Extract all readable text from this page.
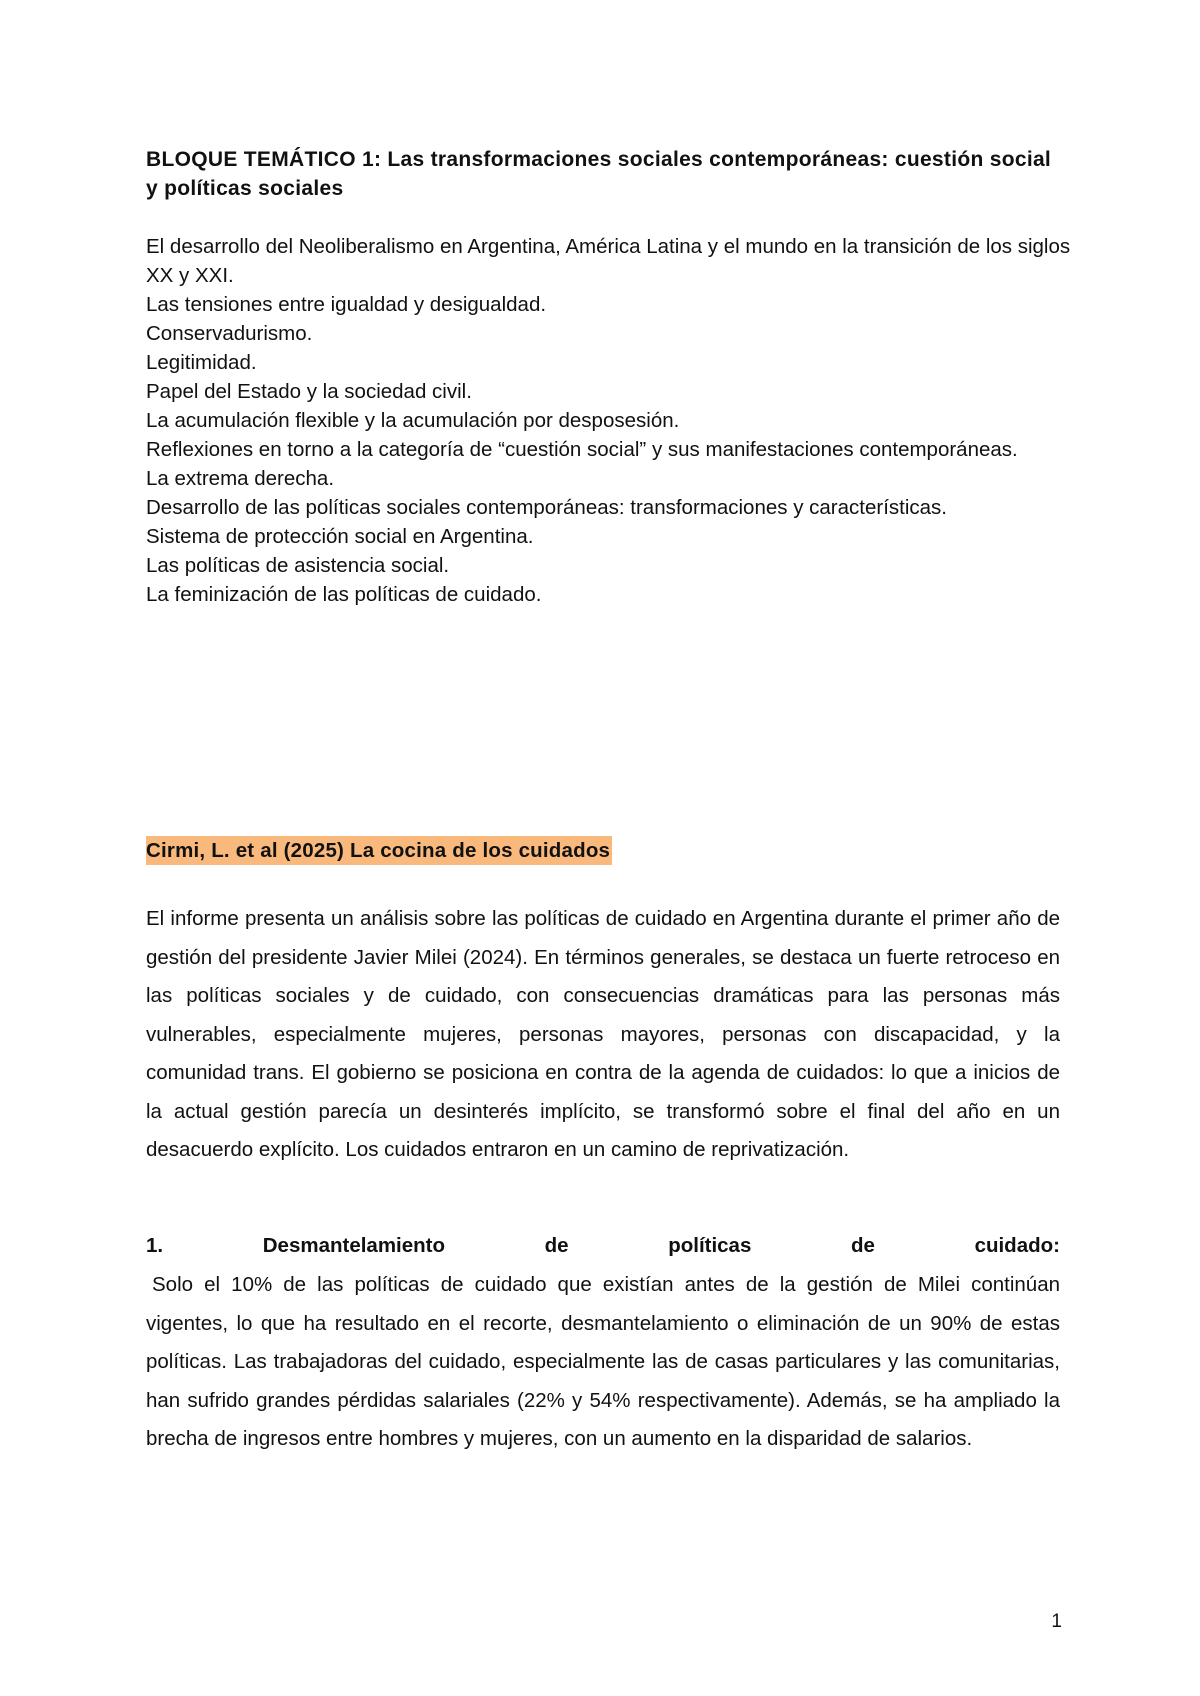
BLOQUE TEMÁTICO 1: Las transformaciones sociales contemporáneas: cuestión social y políticas sociales
El desarrollo del Neoliberalismo en Argentina, América Latina y el mundo en la transición de los siglos XX y XXI.
Las tensiones entre igualdad y desigualdad.
Conservadurismo.
Legitimidad.
Papel del Estado y la sociedad civil.
La acumulación flexible y la acumulación por desposesión.
Reflexiones en torno a la categoría de “cuestión social” y sus manifestaciones contemporáneas.
La extrema derecha.
Desarrollo de las políticas sociales contemporáneas: transformaciones y características.
Sistema de protección social en Argentina.
Las políticas de asistencia social.
La feminización de las políticas de cuidado.
Cirmi, L. et al (2025) La cocina de los cuidados

El informe presenta un análisis sobre las políticas de cuidado en Argentina durante el primer año de gestión del presidente Javier Milei (2024). En términos generales, se destaca un fuerte retroceso en las políticas sociales y de cuidado, con consecuencias dramáticas para las personas más vulnerables, especialmente mujeres, personas mayores, personas con discapacidad, y la comunidad trans. El gobierno se posiciona en contra de la agenda de cuidados: lo que a inicios de la actual gestión parecía un desinterés implícito, se transformó sobre el final del año en un desacuerdo explícito. Los cuidados entraron en un camino de reprivatización.

1.	Desmantelamiento	de	políticas	de	cuidado:

Solo el 10% de las políticas de cuidado que existían antes de la gestión de Milei continúan vigentes, lo que ha resultado en el recorte, desmantelamiento o eliminación de un 90% de estas políticas. Las trabajadoras del cuidado, especialmente las de casas particulares y las comunitarias, han sufrido grandes pérdidas salariales (22% y 54% respectivamente). Además, se ha ampliado la brecha de ingresos entre hombres y mujeres, con un aumento en la disparidad de salarios.

1
